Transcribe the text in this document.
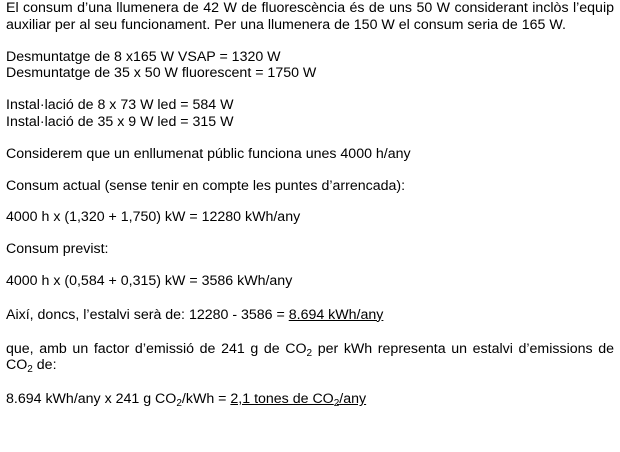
El consum d’una llumenera de 42 W de fluorescència és de uns 50 W considerant inclòs l’equip auxiliar per al seu funcionament. Per una llumenera de 150 W el consum seria de 165 W.

Desmuntatge de 8 x165 W VSAP = 1320 W
Desmuntatge de 35 x 50 W fluorescent = 1750 W
Instal·lació de 8 x 73 W led = 584 W
Instal·lació de 35 x 9 W led = 315 W

Considerem que un enllumenat públic funciona unes 4000 h/any

Consum actual (sense tenir en compte les puntes d’arrencada):

4000 h x (1,320 + 1,750) kW = 12280 kWh/any

Consum previst:

4000 h x (0,584 + 0,315) kW = 3586 kWh/any

Així, doncs, l’estalvi serà de: 12280 - 3586 = 8.694 kWh/any

que, amb un factor d’emissió de 241 g de $CO_2$ per kWh representa un estalvi d’emissions de $CO_2$ de:

8.694 kWh/any x 241 g $CO_2$/kWh = 2,1 tones de $CO_2$/any
